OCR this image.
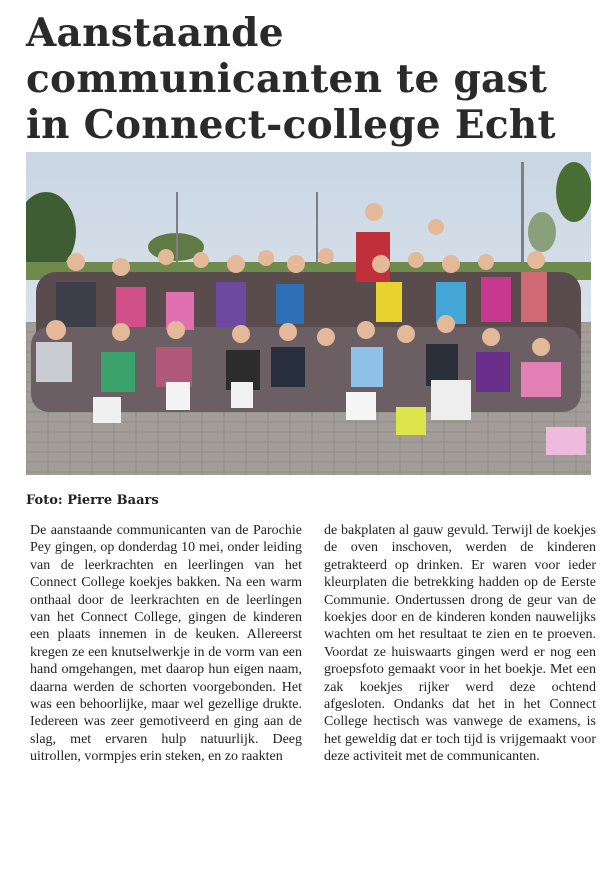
Aanstaande
communicanten te gast
in Connect-college Echt

Foto: Pierre Baars

De aanstaande communicanten van de Parochie Pey gingen, op donderdag 10 mei, onder leiding van de leerkrachten en leerlingen van het Connect College koekjes bakken. Na een warm onthaal door de leerkrachten en de leerlingen van het Connect College, gingen de kinderen een plaats innemen in de keuken. Allereerst kregen ze een knutselwerkje in de vorm van een hand omgehangen, met daarop hun eigen naam, daarna werden de schorten voorgebonden. Het was een behoorlijke, maar wel gezellige drukte. Iedereen was zeer gemotiveerd en ging aan de slag, met ervaren hulp natuurlijk. Deeg uitrollen, vormpjes erin steken, en zo raakten

de bakplaten al gauw gevuld. Terwijl de koekjes de oven inschoven, werden de kinderen getrakteerd op drinken. Er waren voor ieder kleurplaten die betrekking hadden op de Eerste Communie. Ondertussen drong de geur van de koekjes door en de kinderen konden nauwelijks wachten om het resultaat te zien en te proeven. Voordat ze huiswaarts gingen werd er nog een groepsfoto gemaakt voor in het boekje. Met een zak koekjes rijker werd deze ochtend afgesloten. Ondanks dat het in het Connect College hectisch was vanwege de examens, is het geweldig dat er toch tijd is vrijgemaakt voor deze activiteit met de communicanten.
